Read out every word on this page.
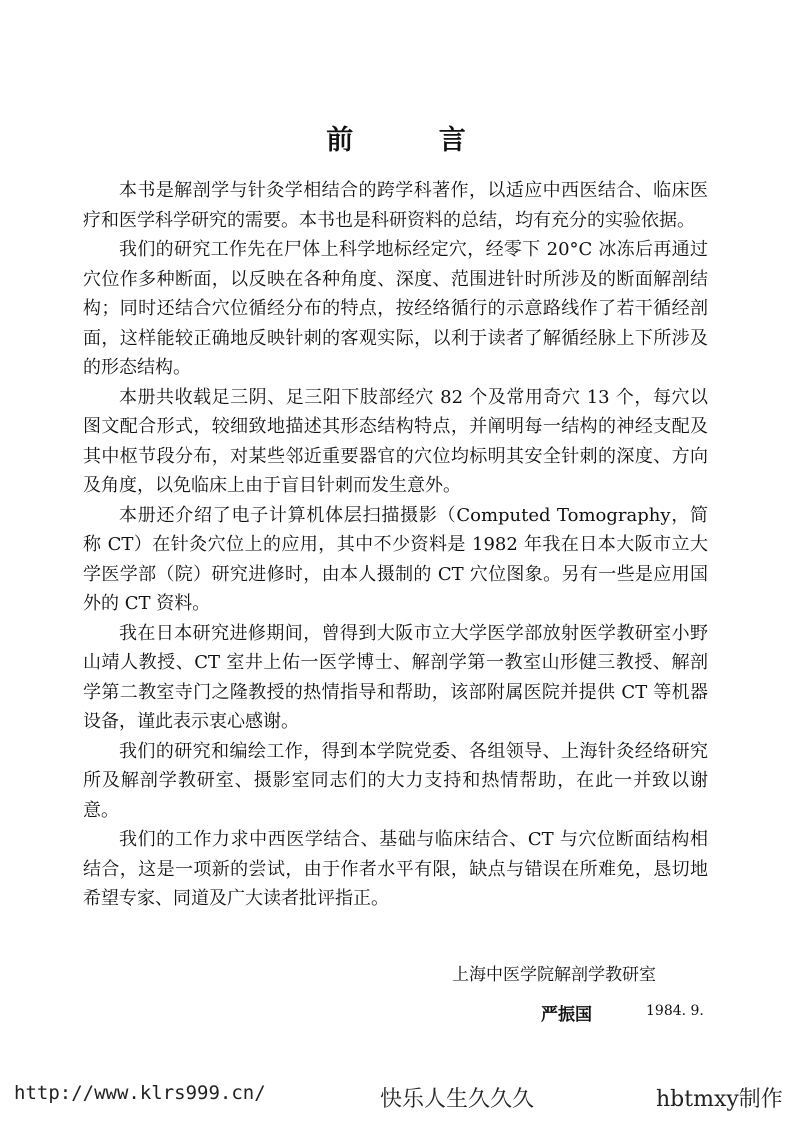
前 言

本书是解剖学与针灸学相结合的跨学科著作，以适应中西医结合、临床医疗和医学科学研究的需要。本书也是科研资料的总结，均有充分的实验依据。

我们的研究工作先在尸体上科学地标经定穴，经零下 20°C 冰冻后再通过穴位作多种断面，以反映在各种角度、深度、范围进针时所涉及的断面解剖结构；同时还结合穴位循经分布的特点，按经络循行的示意路线作了若干循经剖面，这样能较正确地反映针刺的客观实际，以利于读者了解循经脉上下所涉及的形态结构。

本册共收载足三阴、足三阳下肢部经穴 82 个及常用奇穴 13 个，每穴以图文配合形式，较细致地描述其形态结构特点，并阐明每一结构的神经支配及其中枢节段分布，对某些邻近重要器官的穴位均标明其安全针刺的深度、方向及角度，以免临床上由于盲目针刺而发生意外。

本册还介绍了电子计算机体层扫描摄影（Computed Tomography，简称 CT）在针灸穴位上的应用，其中不少资料是 1982 年我在日本大阪市立大学医学部（院）研究进修时，由本人摄制的 CT 穴位图象。另有一些是应用国外的 CT 资料。

我在日本研究进修期间，曾得到大阪市立大学医学部放射医学教研室小野山靖人教授、CT 室井上佑一医学博士、解剖学第一教室山形健三教授、解剖学第二教室寺门之隆教授的热情指导和帮助，该部附属医院并提供 CT 等机器设备，谨此表示衷心感谢。

我们的研究和编绘工作，得到本学院党委、各组领导、上海针灸经络研究所及解剖学教研室、摄影室同志们的大力支持和热情帮助，在此一并致以谢意。

我们的工作力求中西医学结合、基础与临床结合、CT 与穴位断面结构相结合，这是一项新的尝试，由于作者水平有限，缺点与错误在所难免，恳切地希望专家、同道及广大读者批评指正。

上海中医学院解剖学教研室
严振国	1984. 9.
http://www.klrs999.cn/	快乐人生久久久	hbtmxy制作
